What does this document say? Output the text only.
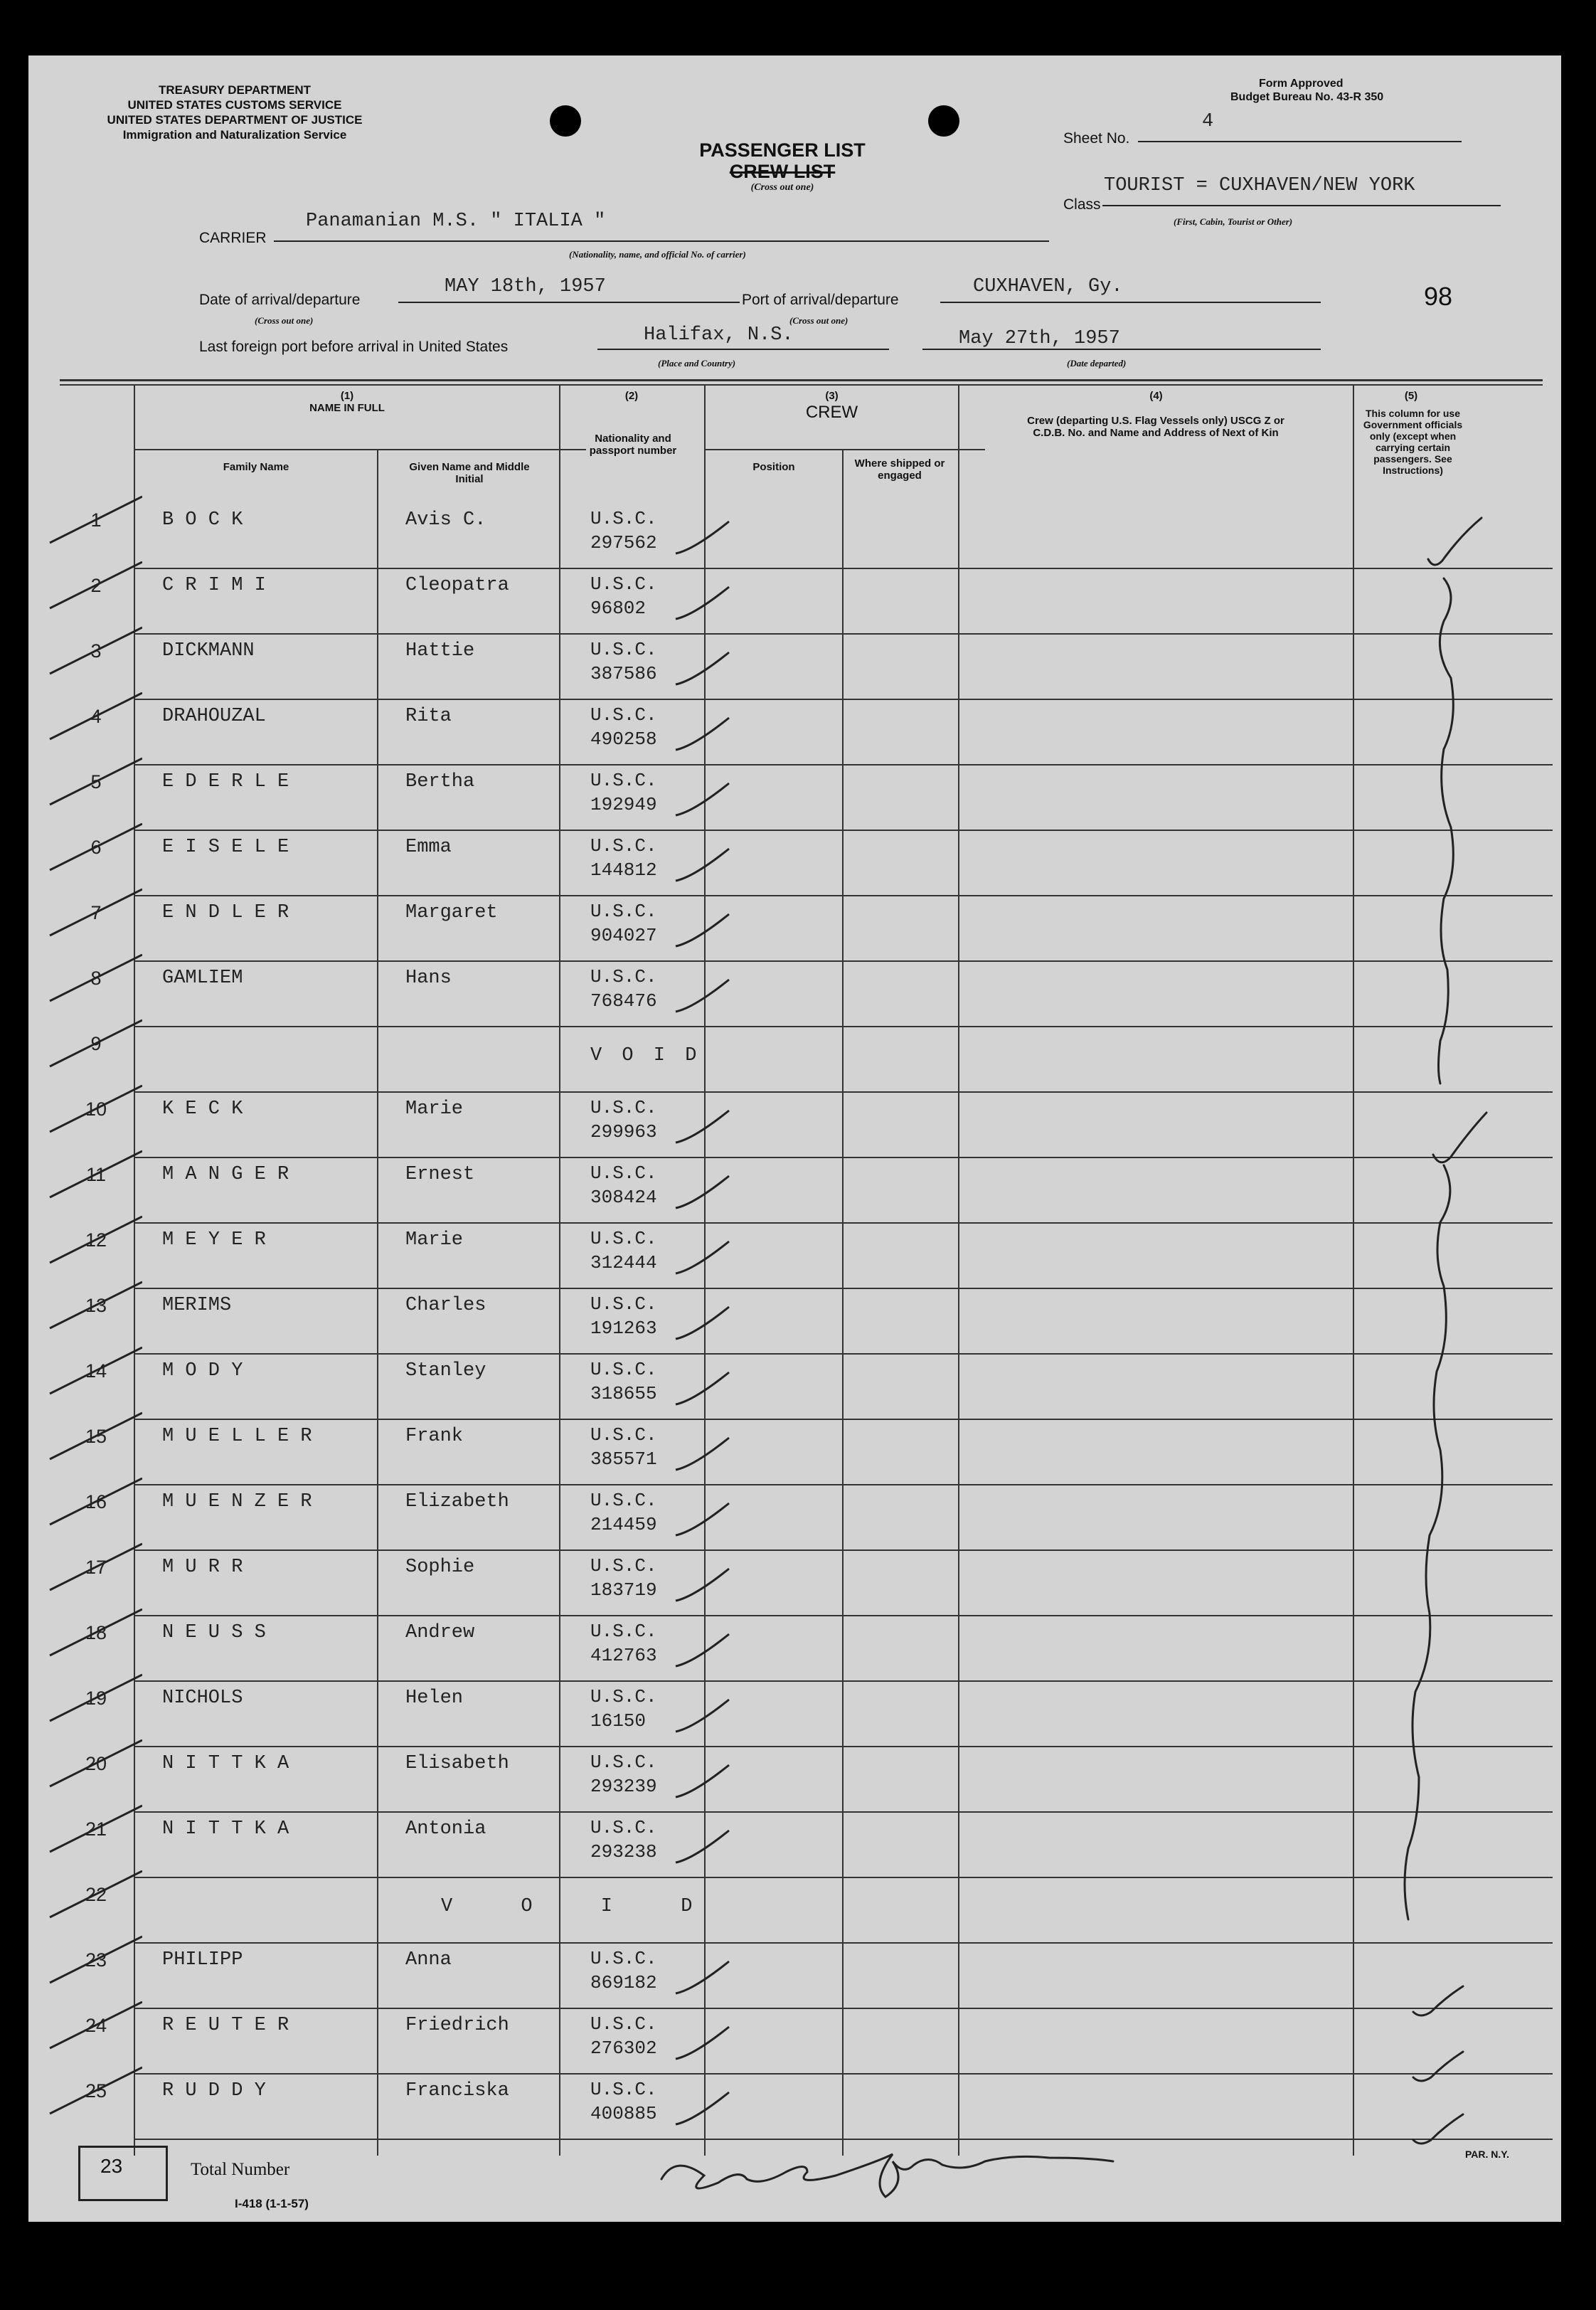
TREASURY DEPARTMENT
UNITED STATES CUSTOMS SERVICE
UNITED STATES DEPARTMENT OF JUSTICE
Immigration and Naturalization Service
PASSENGER LIST
CREW LIST
(Cross out one)
Form Approved
Budget Bureau No. 43-R 350
Sheet No.
4
Class
TOURIST = CUXHAVEN/NEW YORK
(First, Cabin, Tourist or Other)
CARRIER
Panamanian M.S. " ITALIA "
(Nationality, name, and official No. of carrier)
Date of arrival/departure
MAY 18th, 1957
(Cross out one)
Port of arrival/departure
CUXHAVEN, Gy.
(Cross out one)
98
Last foreign port before arrival in United States
Halifax, N.S.
(Place and Country)
May 27th, 1957
(Date departed)
(1)
NAME IN FULL
Family Name	Given Name and Middle Initial
(2)
Nationality and passport number
(3)
CREW
Position	Where shipped or engaged
(4)
Crew (departing U.S. Flag Vessels only) USCG Z or C.D.B. No. and Name and Address of Next of Kin
(5)
This column for use Government officials only (except when carrying certain passengers. See Instructions)
1	B O C K	Avis C.	U.S.C.
297562
2	C R I M I	Cleopatra	U.S.C.
96802
3	DICKMANN	Hattie	U.S.C.
387586
4	DRAHOUZAL	Rita	U.S.C.
490258
5	E D E R L E	Bertha	U.S.C.
192949
6	E I S E L E	Emma	U.S.C.
144812
7	E N D L E R	Margaret	U.S.C.
904027
8	GAMLIEM	Hans	U.S.C.
768476
9
V O I D
10	K E C K	Marie	U.S.C.
299963
11	M A N G E R	Ernest	U.S.C.
308424
12	M E Y E R	Marie	U.S.C.
312444
13	MERIMS	Charles	U.S.C.
191263
14	M O D Y	Stanley	U.S.C.
318655
15	M U E L L E R	Frank	U.S.C.
385571
16	M U E N Z E R	Elizabeth	U.S.C.
214459
17	M U R R	Sophie	U.S.C.
183719
18	N E U S S	Andrew	U.S.C.
412763
19	NICHOLS	Helen	U.S.C.
16150
20	N I T T K A	Elisabeth	U.S.C.
293239
21	N I T T K A	Antonia	U.S.C.
293238
22
V O I D
23	PHILIPP	Anna	U.S.C.
869182
24	R E U T E R	Friedrich	U.S.C.
276302
25	R U D D Y	Franciska	U.S.C.
400885
23	Total Number
I-418 (1-1-57)
PAR. N.Y.
